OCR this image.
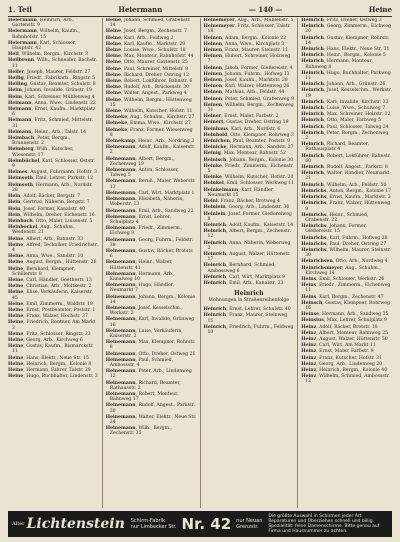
1. Teil	Heiermann	— 140 —	Heine
Heiermann, Heinrich, Arb., Gartenstr. 9
Heiermann, Wilhelm, Kaufm., Bahnhofstr. 15
Heiermann, Karl, Schlosser, Hauptstr. 42
Heil, Wilhelm, Bergm., Kirchstr. 3
Heilbronn, Wilh., Schneider, Bachstr. 11
Heiler, Joseph, Maurer, Feldstr. 27
Heilig, Friedr., Fabrikarb., Ringstr. 5
Heiling, Gustav, Beamter, Schulstr. 8
Heim, Johann, Invalide, Grünstr. 19
Heim, Karl, Schreiner, Mühlenweg 4
Heimann, Anna, Wwe., Lindenstr. 22
Heimann, Ernst, Kaufm., Marktplatz 6
Heimann, Fritz, Schmied, Mittelstr. 31
Heimann, Heinr., Arb., Talstr. 14
Heimbach, Peter, Bergm., Brunnenstr. 2
Heimberg, Wilh., Kutscher, Wiesenstr. 17
Heimbüchel, Karl, Schlosser, Oststr. 9
Heimes, August, Fuhrmann, Hofstr. 3
Heimsoth, Emil, Lehrer, Parkstr. 12
Heimsoth, Hermann, Arb., Nordstr. 28
Hein, Adolf, Bäcker, Bergstr. 7
Hein, Gertrud, Näherin, Bergstr. 7
Hein, Josef, Former, Kanalstr. 40
Hein, Wilhelm, Dreher, Eichenstr. 16
Heinbach, Otto, Maler, Luisenstr. 5
Heinbockel, Aug., Schuhm., Weidenstr. 21
Heine, Albert, Arb., Bahnstr. 33
Heine, Alfred, Techniker, Friedrichstr. 4
Heine, Anna, Wwe., Sandstr. 10
Heine, August, Bergm., Hüttenstr. 26
Heine, Bernhard, Klempner, Schillerstr. 8
Heine, Carl, Händler, Goethestr. 13
Heine, Christian, Arb., Moltkestr. 2
Heine, Elise, Verkäuferin, Kaiserstr. 45
Heine, Emil, Zimmerm., Waldstr. 19
Heine, Ernst, Postbeamter, Poststr. 1
Heine, Franz, Walzer, Hochstr. 37
Heine, Friedrich, Rentner, Am Markt 3
Heine, Fritz, Schlosser, Ringstr. 23
Heine, Georg, Arb., Kirchweg 6
Heine, Gustav, Kaufm., Bismarckstr. 11
Heine, Hans, Elektr., Neue Str. 15
Heine, Heinrich, Bergm., Kolonie 8
Heine, Hermann, Fahrer, Talstr. 29
Heine, Hugo, Buchhalter, Lindenstr. 3
Heine, Johann, Schmied, Grabenstr. 14
Heine, Josef, Bergm., Zechenstr. 7
Heine, Karl, Arb., Feldweg 2
Heine, Karl, Kaufm., Marktstr. 20
Heine, Louise, Wwe., Schulstr. 18
Heine, Max, Monteur, Bahnhofstr. 44
Heine, Otto, Maurer, Gartenstr. 25
Heine, Paul, Schreiner, Mittelstr. 9
Heine, Richard, Dreher, Ostring 12
Heine, Robert, Lokführer, Bahnstr. 6
Heine, Rudolf, Arb., Brückenstr. 30
Heine, Walter, Angest., Parkweg 4
Heine, Wilhelm, Bergm., Hüttenweg 15
Heine, Wilhelm, Kutscher, Hofstr. 11
Heineke, Aug., Schuhm., Kirchstr. 27
Heineke, Emma, Wwe., Kirchstr. 27
Heineke, Franz, Former, Wiesenweg 8
Heinekamp, Heinr., Arb., Nordring 3
Heinemann, Adolf, Kaufm., Kaiserstr. 2
Heinemann, Albert, Bergm., Zechenweg 19
Heinemann, Anton, Schlosser, Talweg 5
Heinemann, Bernh., Maler, Weberstr. 13
Heinemann, Carl, Wirt, Marktplatz 1
Heinemann, Elisabeth, Näherin, Weberstr. 13
Heinemann, Emil, Arb., Sandweg 22
Heinemann, Ernst, Lehrer, Schulplatz 4
Heinemann, Friedr., Zimmerm., Eichweg 9
Heinemann, Georg, Fuhrm., Feldstr. 38
Heinemann, Gustav, Bäcker, Brotstr. 6
Heinemann, Heinr., Walzer, Hüttenstr. 41
Heinemann, Hermann, Arb., Kanalweg 10
Heinemann, Hugo, Händler, Neumarkt 7
Heinemann, Johann, Bergm., Kolonie 14
Heinemann, Josef, Kesselschm., Werkstr. 3
Heinemann, Karl, Invalide, Grünweg 16
Heinemann, Luise, Verkäuferin, Kaiserstr. 2
Heinemann, Max, Klempner, Rohrstr. 8
Heinemann, Otto, Dreher, Ostweg 21
Heinemann, Paul, Schmied, Ambossstr. 4
Heinemann, Peter, Arb., Lindenweg 12
Heinemann, Richard, Beamter, Rathausstr. 2
Heinemann, Robert, Monteur, Bahnweg 17
Heinemann, Rudolf, Angest., Parkstr. 30
Heinemann, Walter, Elektr., Neue Str. 24
Heinemann, Wilh., Bergm., Zechenstr. 35
Heinemeyer, Aug., Arb., Mühlenstr. 5
Heinemeyer, Fritz, Schlosser, Talstr. 18
Heinen, Adam, Bergm., Kolonie 22
Heinen, Anna, Wwe., Kirchplatz 3
Heinen, Franz, Maurer, Steinstr. 11
Heinen, Hubert, Schreiner, Holzweg 7
Heinen, Jakob, Former, Gießereistr. 4
Heinen, Johann, Fuhrm., Hofweg 13
Heinen, Josef, Kaufm., Marktstr. 28
Heinen, Karl, Walzer, Hüttenweg 26
Heinen, Mathias, Arb., Feldstr. 44
Heinen, Peter, Schmied, Grabenweg 9
Heinen, Wilhelm, Bergm., Zechenweg 31
Heiner, Ernst, Maler, Farbstr. 2
Heinert, Gustav, Dreher, Ostring 19
Heinhaus, Karl, Arb., Nordstr. 6
Heinhold, Otto, Klempner, Rohrweg 3
Heinichen, Paul, Beamter, Poststr. 9
Heinicke, Hermann, Arb., Sandstr. 27
Heinig, Max, Monteur, Bahnstr. 52
Heinisch, Johann, Bergm., Kolonie 30
Heinke, Friedr., Zimmerm., Eichenstr. 5
Heinke, Wilhelm, Kutscher, Hofstr. 20
Heinkel, Emil, Schlosser, Werkweg 11
Heinkelmann, Karl, Händler, Neumarkt 15
Heinl, Franz, Bäcker, Brotweg 4
Heinlein, Georg, Arb., Lindenstr. 36
Heinlein, Josef, Former, Gießereiweg 8
Heinrich, Adolf, Kaufm., Kaiserstr. 14
Heinrich, Albert, Bergm., Zechenstr. 12
Heinrich, Anna, Näherin, Weberweg 2
Heinrich, August, Walzer, Hüttenstr. 17
Heinrich, Bernhard, Schmied, Ambossweg 6
Heinrich, Carl, Wirt, Marktplatz 9
Heinrich, Emil, Arb., Kanalstr. 23
Heinrich
Wohnungen in Straßenreihenfolge
Heinrich, Ernst, Lehrer, Schulstr. 40
Heinrich, Franz, Maurer, Steinweg 15
Heinrich, Friedrich, Fuhrm., Feldweg 10
Heinrich, Fritz, Dreher, Ostweg 3
Heinrich, Georg, Zimmerm., Eichweg 20
Heinrich, Gustav, Klempner, Rohrstr. 14
Heinrich, Hans, Elektr., Neue Str. 31
Heinrich, Heinr., Bergm., Kolonie 5
Heinrich, Hermann, Monteur, Bahnweg 8
Heinrich, Hugo, Buchhalter, Parkweg 11
Heinrich, Johann, Arb., Grünstr. 26
Heinrich, Josef, Kesselschm., Werkstr. 19
Heinrich, Karl, Invalide, Kirchstr. 33
Heinrich, Luise, Wwe., Schulweg 7
Heinrich, Max, Schreiner, Holzstr. 12
Heinrich, Otto, Maler, Farbweg 5
Heinrich, Paul, Schlosser, Talweg 24
Heinrich, Peter, Bergm., Zechenweg 2
Heinrich, Richard, Beamter, Rathausplatz 4
Heinrich, Robert, Lokführer, Bahnstr. 60
Heinrich, Rudolf, Angest., Parkstr. 8
Heinrich, Walter, Händler, Neumarkt 21
Heinrich, Wilhelm, Arb., Feldstr. 50
Heinrichs, Anton, Bergm., Kolonie 17
Heinrichs, Ernst, Kaufm., Marktstr. 3
Heinrichs, Franz, Walzer, Hüttenweg 9
Heinrichs, Heinr., Schmied, Grabenstr. 22
Heinrichs, Johann, Former, Gießereistr. 15
Heinrichs, Karl, Fuhrm., Hofweg 28
Heinrichs, Paul, Dreher, Ostring 27
Heinrichs, Wilhelm, Maurer, Steinstr. 30
Heinrichsen, Otto, Arb., Nordweg 4
Heinrichsmeyer, Aug., Schuhm., Kirchweg 14
Heins, Emil, Schlosser, Werkstr. 26
Heins, Friedr., Zimmerm., Eichenweg 11
Heins, Karl, Bergm., Zechenstr. 47
Heinsch, Gustav, Klempner, Rohrweg 16
Heinse, Hermann, Arb., Sandweg 35
Heinsius, Max, Lehrer, Schulplatz 9
Heinz, Adolf, Bäcker, Brotstr. 18
Heinz, Albert, Monteur, Bahnweg 25
Heinz, August, Walzer, Hüttenstr. 50
Heinz, Carl, Wirt, Am Markt 11
Heinz, Ernst, Maler, Farbstr. 9
Heinz, Franz, Kutscher, Hofstr. 31
Heinz, Georg, Arb., Lindenweg 20
Heinz, Heinrich, Bergm., Kolonie 40
Heinz, Wilhelm, Schmied, Ambossstr. 12
Alter Lichtenstein Schirm-Fabrik
nur Limbecker Str. Nr. 42 nur Neuan
Grenzstr.
Die größte Auswahl in Schirmen jeder Art Reparaturen und Überziehen schnell und billig. Spezialität: feine Damenschirme. Bitte genau auf Firma und Hausnummer zu achten.
